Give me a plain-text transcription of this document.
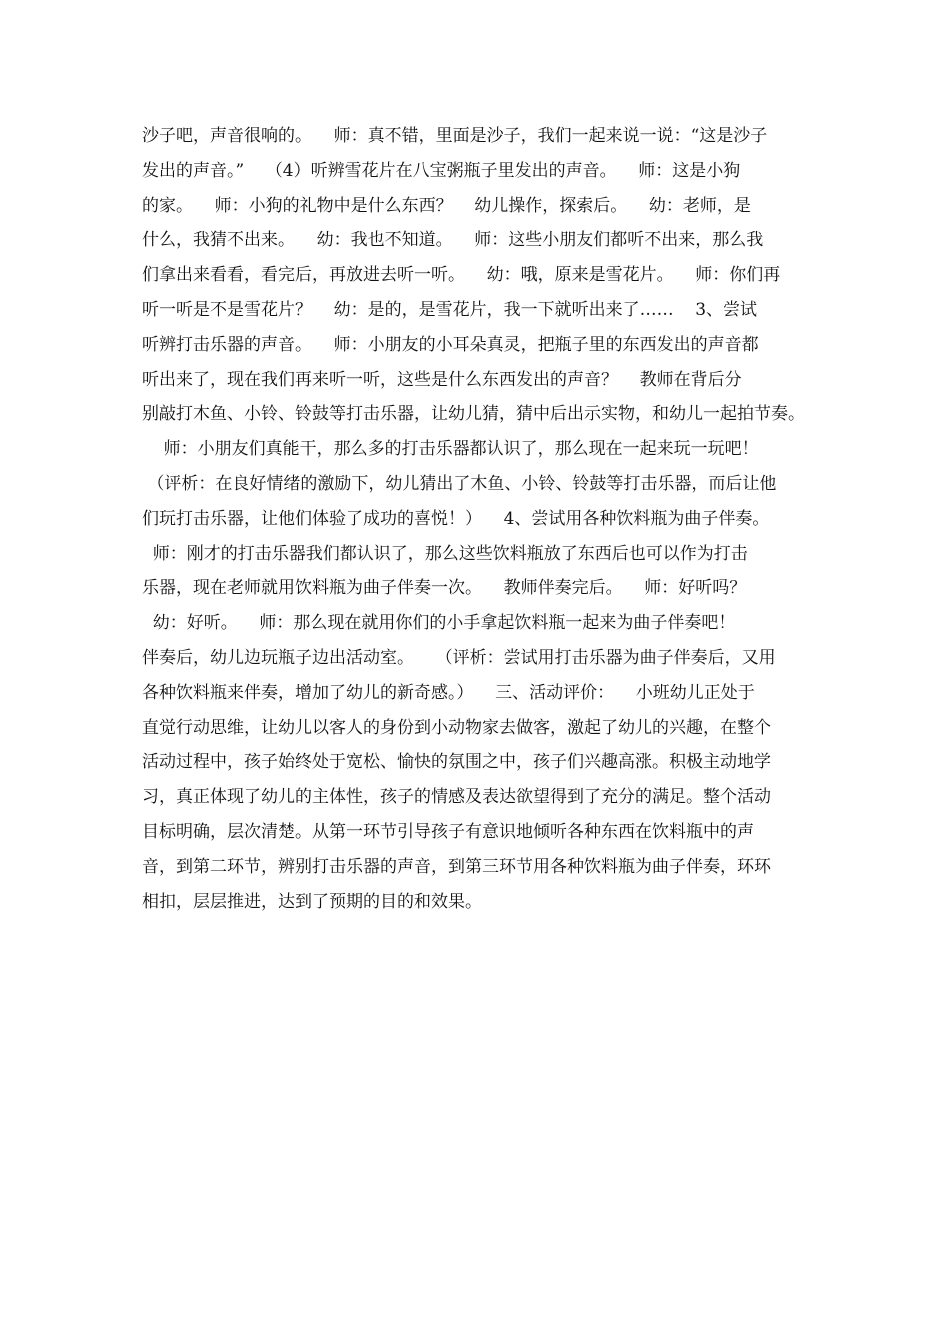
沙子吧，声音很响的。    师：真不错，里面是沙子，我们一起来说一说：“这是沙子
发出的声音。”    （4）听辨雪花片在八宝粥瓶子里发出的声音。    师：这是小狗
的家。    师：小狗的礼物中是什么东西？    幼儿操作，探索后。    幼：老师，是
什么，我猜不出来。    幼：我也不知道。    师：这些小朋友们都听不出来，那么我
们拿出来看看，看完后，再放进去听一听。    幼：哦，原来是雪花片。    师：你们再
听一听是不是雪花片？    幼：是的，是雪花片，我一下就听出来了……    3、尝试
听辨打击乐器的声音。    师：小朋友的小耳朵真灵，把瓶子里的东西发出的声音都
听出来了，现在我们再来听一听，这些是什么东西发出的声音？    教师在背后分
别敲打木鱼、小铃、铃鼓等打击乐器，让幼儿猜，猜中后出示实物，和幼儿一起拍节奏。
师：小朋友们真能干，那么多的打击乐器都认识了，那么现在一起来玩一玩吧！
（评析：在良好情绪的激励下，幼儿猜出了木鱼、小铃、铃鼓等打击乐器，而后让他
们玩打击乐器，让他们体验了成功的喜悦！）    4、尝试用各种饮料瓶为曲子伴奏。
师：刚才的打击乐器我们都认识了，那么这些饮料瓶放了东西后也可以作为打击
乐器，现在老师就用饮料瓶为曲子伴奏一次。    教师伴奏完后。    师：好听吗？
幼：好听。    师：那么现在就用你们的小手拿起饮料瓶一起来为曲子伴奏吧！
伴奏后，幼儿边玩瓶子边出活动室。    （评析：尝试用打击乐器为曲子伴奏后，又用
各种饮料瓶来伴奏，增加了幼儿的新奇感。）    三、活动评价：    小班幼儿正处于
直觉行动思维，让幼儿以客人的身份到小动物家去做客，激起了幼儿的兴趣，在整个
活动过程中，孩子始终处于宽松、愉快的氛围之中，孩子们兴趣高涨。积极主动地学
习，真正体现了幼儿的主体性，孩子的情感及表达欲望得到了充分的满足。整个活动
目标明确，层次清楚。从第一环节引导孩子有意识地倾听各种东西在饮料瓶中的声
音，到第二环节，辨别打击乐器的声音，到第三环节用各种饮料瓶为曲子伴奏，环环
相扣，层层推进，达到了预期的目的和效果。
